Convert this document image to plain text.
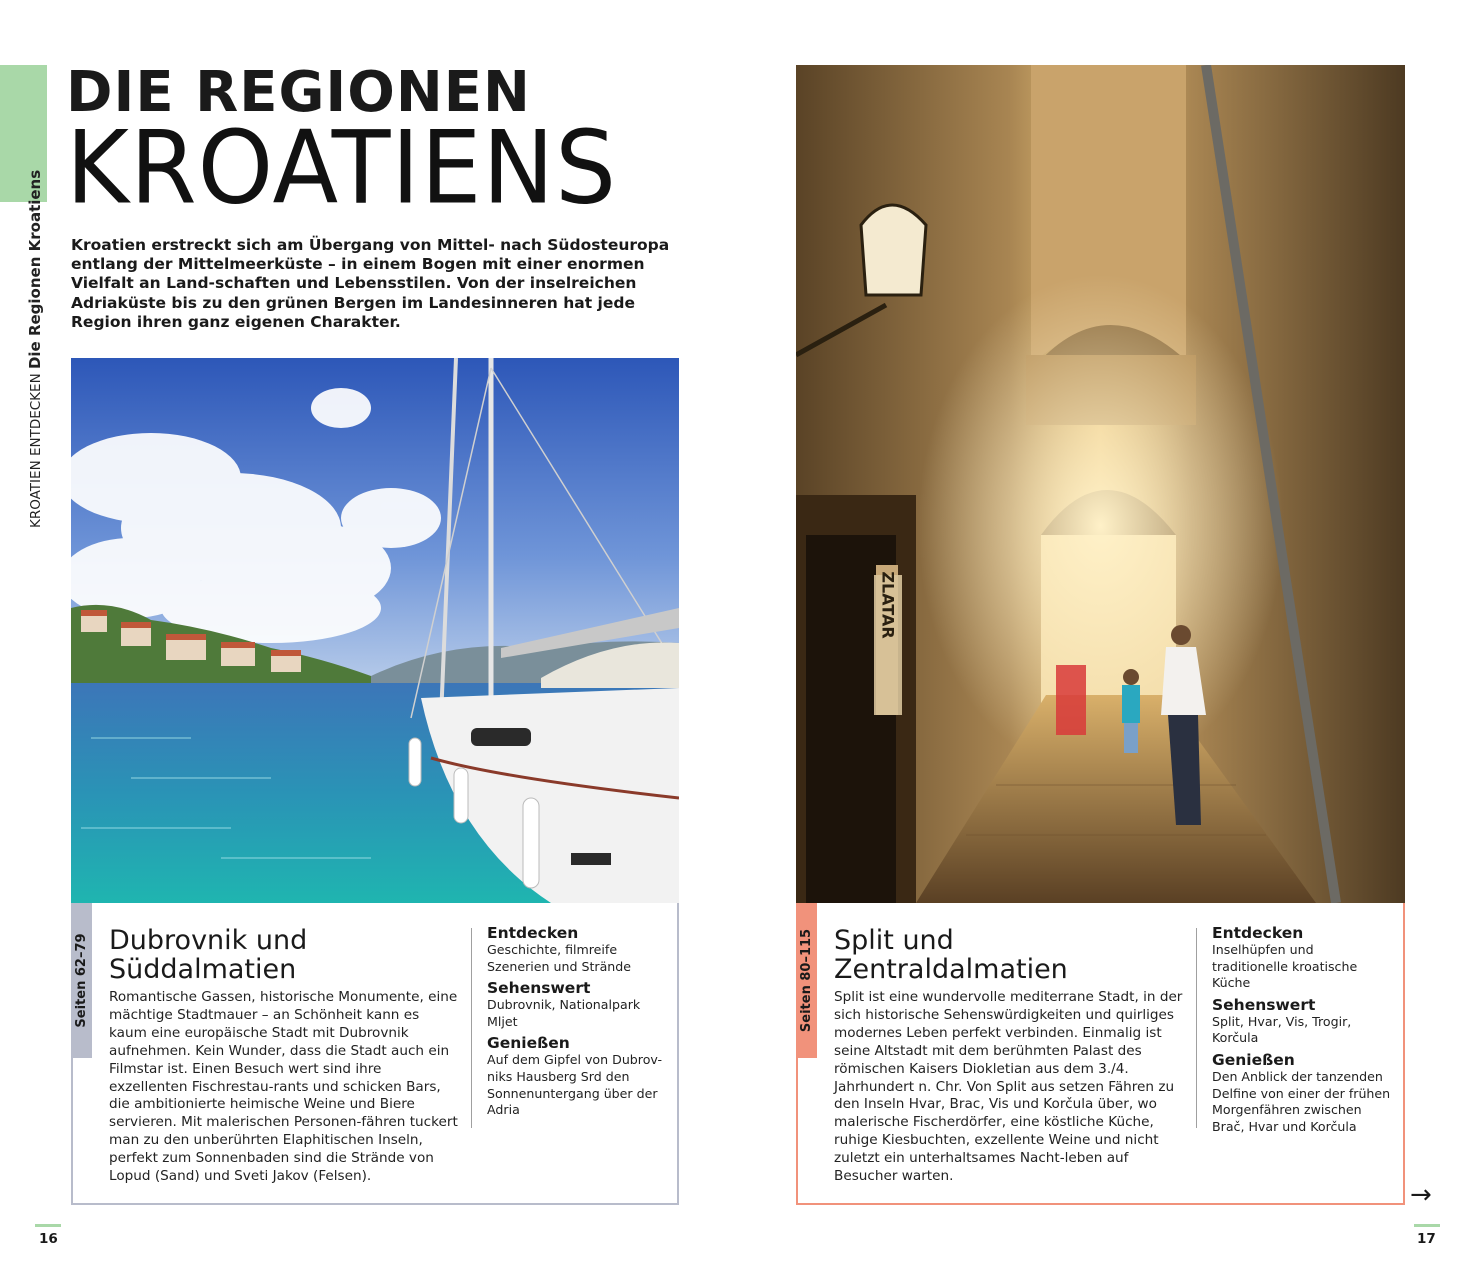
KROATIEN ENTDECKEN Die Regionen Kroatiens
DIE REGIONEN
KROATIENS
Kroatien erstreckt sich am Übergang von Mittel- nach Südosteuropa entlang der Mittelmeerküste – in einem Bogen mit einer enormen Vielfalt an Land-schaften und Lebensstilen. Von der inselreichen Adriaküste bis zu den grünen Bergen im Landesinneren hat jede Region ihren ganz eigenen Charakter.
ZLATAR
Seiten 62–79 Dubrovnik und
Süddalmatien
Romantische Gassen, historische Monumente, eine mächtige Stadtmauer – an Schönheit kann es kaum eine europäische Stadt mit Dubrovnik aufnehmen. Kein Wunder, dass die Stadt auch ein Filmstar ist. Einen Besuch wert sind ihre exzellenten Fischrestau-rants und schicken Bars, die ambitionierte heimische Weine und Biere servieren. Mit malerischen Personen-fähren tuckert man zu den unberührten Elaphitischen Inseln, perfekt zum Sonnenbaden sind die Strände von Lopud (Sand) und Sveti Jakov (Felsen).
Entdecken
Geschichte, filmreife Szenerien und Strände
Sehenswert
Dubrovnik, Nationalpark Mljet
Genießen
Auf dem Gipfel von Dubrov-niks Hausberg Srd den Sonnenuntergang über der Adria
Seiten 80–115 Split und
Zentraldalmatien
Split ist eine wundervolle mediterrane Stadt, in der sich historische Sehenswürdigkeiten und quirliges modernes Leben perfekt verbinden. Einmalig ist seine Altstadt mit dem berühmten Palast des römischen Kaisers Diokletian aus dem 3./4. Jahrhundert n. Chr. Von Split aus setzen Fähren zu den Inseln Hvar, Brac, Vis und Korčula über, wo malerische Fischerdörfer, eine köstliche Küche, ruhige Kiesbuchten, exzellente Weine und nicht zuletzt ein unterhaltsames Nacht-leben auf Besucher warten.
Entdecken
Inselhüpfen und traditionelle kroatische Küche
Sehenswert
Split, Hvar, Vis, Trogir, Korčula
Genießen
Den Anblick der tanzenden Delfine von einer der frühen Morgenfähren zwischen Brač, Hvar und Korčula
→
16	17
